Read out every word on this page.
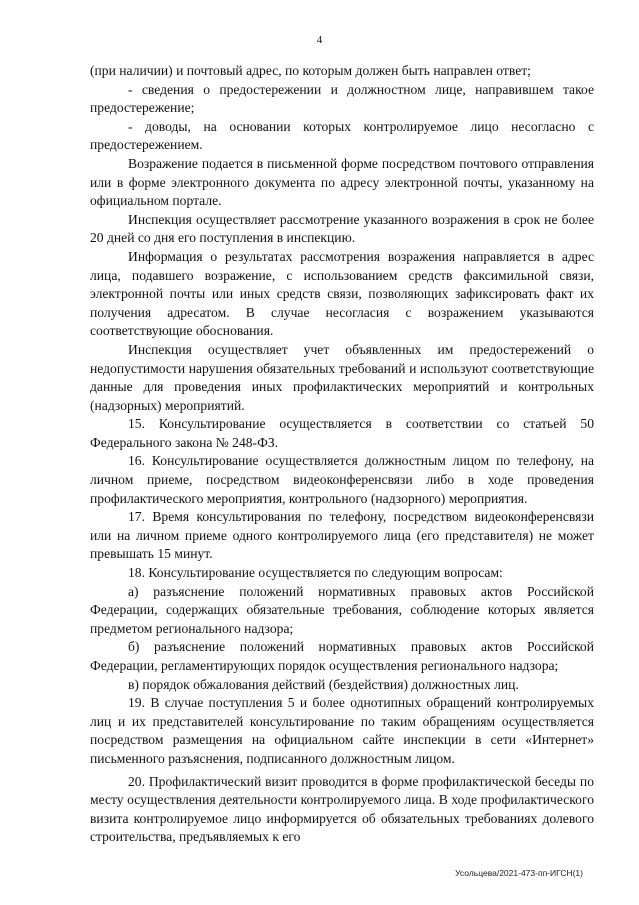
4

(при наличии) и почтовый адрес, по которым должен быть направлен ответ;

- сведения о предостережении и должностном лице, направившем такое предостережение;

- доводы, на основании которых контролируемое лицо несогласно с предостережением.

Возражение подается в письменной форме посредством почтового отправления или в форме электронного документа по адресу электронной почты, указанному на официальном портале.

Инспекция осуществляет рассмотрение указанного возражения в срок не более 20 дней со дня его поступления в инспекцию.

Информация о результатах рассмотрения возражения направляется в адрес лица, подавшего возражение, с использованием средств факсимильной связи, электронной почты или иных средств связи, позволяющих зафиксировать факт их получения адресатом. В случае несогласия с возражением указываются соответствующие обоснования.

Инспекция осуществляет учет объявленных им предостережений о недопустимости нарушения обязательных требований и используют соответствующие данные для проведения иных профилактических мероприятий и контрольных (надзорных) мероприятий.

15. Консультирование осуществляется в соответствии со статьей 50 Федерального закона № 248-ФЗ.

16. Консультирование осуществляется должностным лицом по телефону, на личном приеме, посредством видеоконференсвязи либо в ходе проведения профилактического мероприятия, контрольного (надзорного) мероприятия.

17. Время консультирования по телефону, посредством видеоконференсвязи или на личном приеме одного контролируемого лица (его представителя) не может превышать 15 минут.

18. Консультирование осуществляется по следующим вопросам:

а) разъяснение положений нормативных правовых актов Российской Федерации, содержащих обязательные требования, соблюдение которых является предметом регионального надзора;

б) разъяснение положений нормативных правовых актов Российской Федерации, регламентирующих порядок осуществления регионального надзора;

в) порядок обжалования действий (бездействия) должностных лиц.

19. В случае поступления 5 и более однотипных обращений контролируемых лиц и их представителей консультирование по таким обращениям осуществляется посредством размещения на официальном сайте инспекции в сети «Интернет» письменного разъяснения, подписанного должностным лицом.

20. Профилактический визит проводится в форме профилактической беседы по месту осуществления деятельности контролируемого лица. В ходе профилактического визита контролируемое лицо информируется об обязательных требованиях долевого строительства, предъявляемых к его

Усольцева/2021-473-пп-ИГСН(1)
